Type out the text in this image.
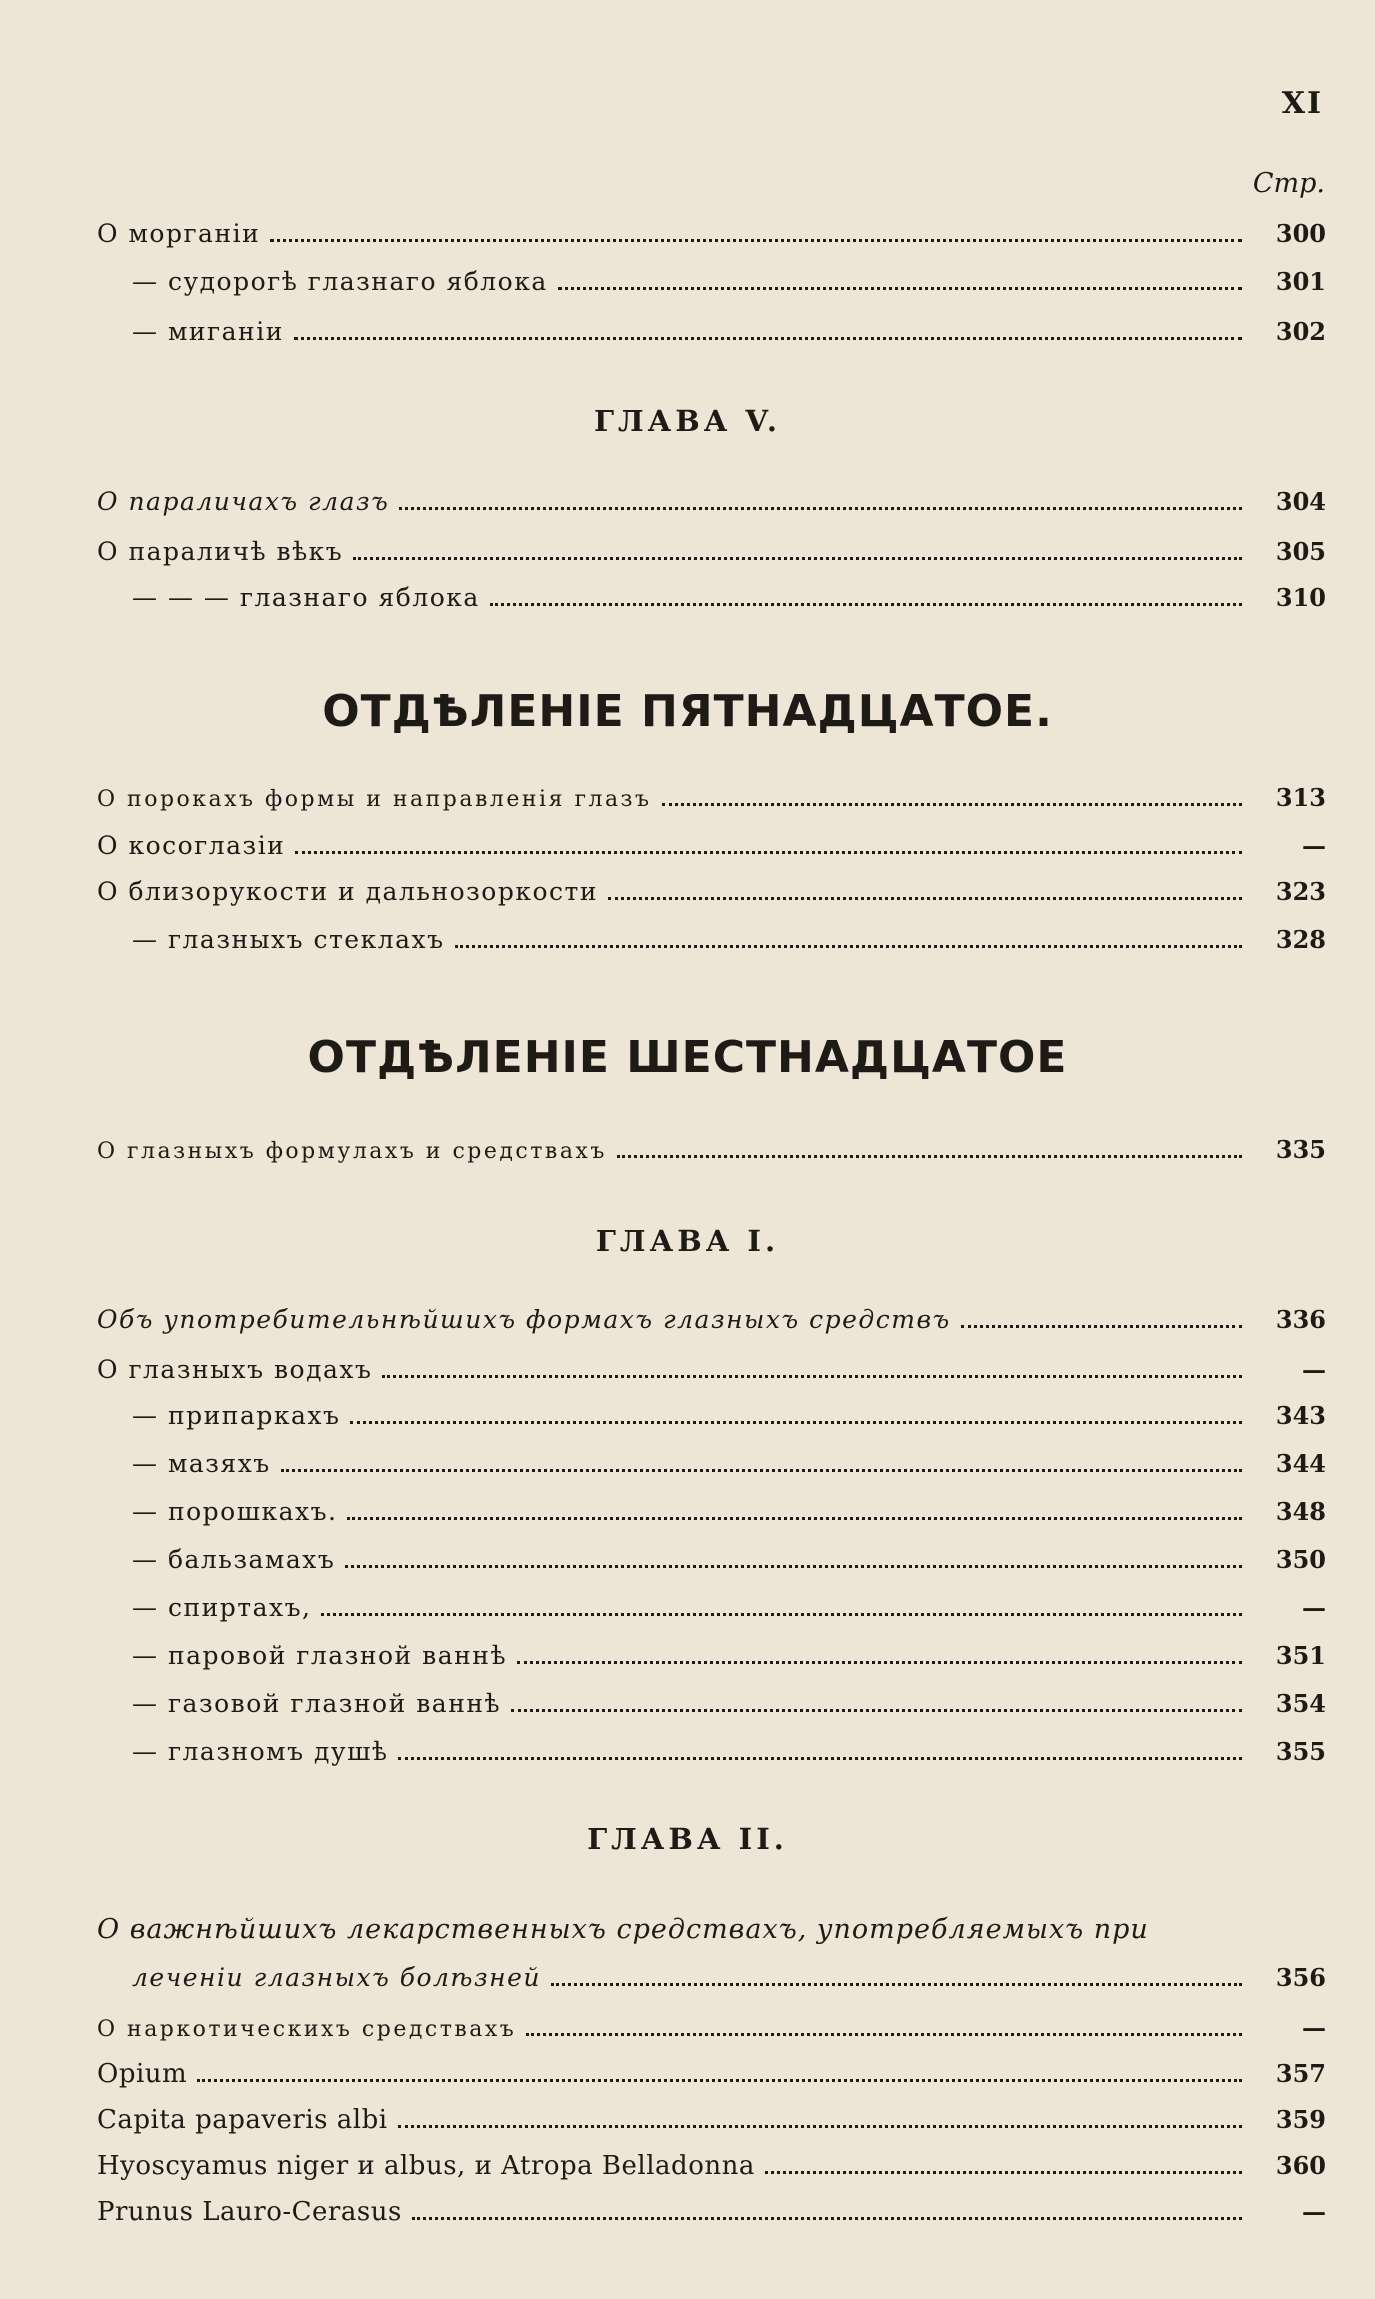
XI
Стр.
О морганіи	300
— судорогѣ глазнаго яблока	301
— миганіи	302
ГЛАВА V.
О параличахъ глазъ	304
О параличѣ вѣкъ	305
— — — глазнаго яблока	310
ОТДѢЛЕНІЕ ПЯТНАДЦАТОЕ.
О порокахъ формы и направленія глазъ	313
О косоглазіи	—
О близорукости и дальнозоркости	323
— глазныхъ стеклахъ	328
ОТДѢЛЕНІЕ ШЕСТНАДЦАТОЕ
О глазныхъ формулахъ и средствахъ	335
ГЛАВА I.
Объ употребительнѣйшихъ формахъ глазныхъ средствъ	336
О глазныхъ водахъ	—
— припаркахъ	343
— мазяхъ	344
— порошкахъ.	348
— бальзамахъ	350
— спиртахъ,	—
— паровой глазной ваннѣ	351
— газовой глазной ваннѣ	354
— глазномъ душѣ	355
ГЛАВА II.
О важнѣйшихъ лекарственныхъ средствахъ, употребляемыхъ при
леченіи глазныхъ болѣзней	356
О наркотическихъ средствахъ	—
Opium	357
Capita papaveris albi	359
Hyoscyamus niger и albus, и Atropa Belladonna	360
Prunus Lauro-Cerasus	—
